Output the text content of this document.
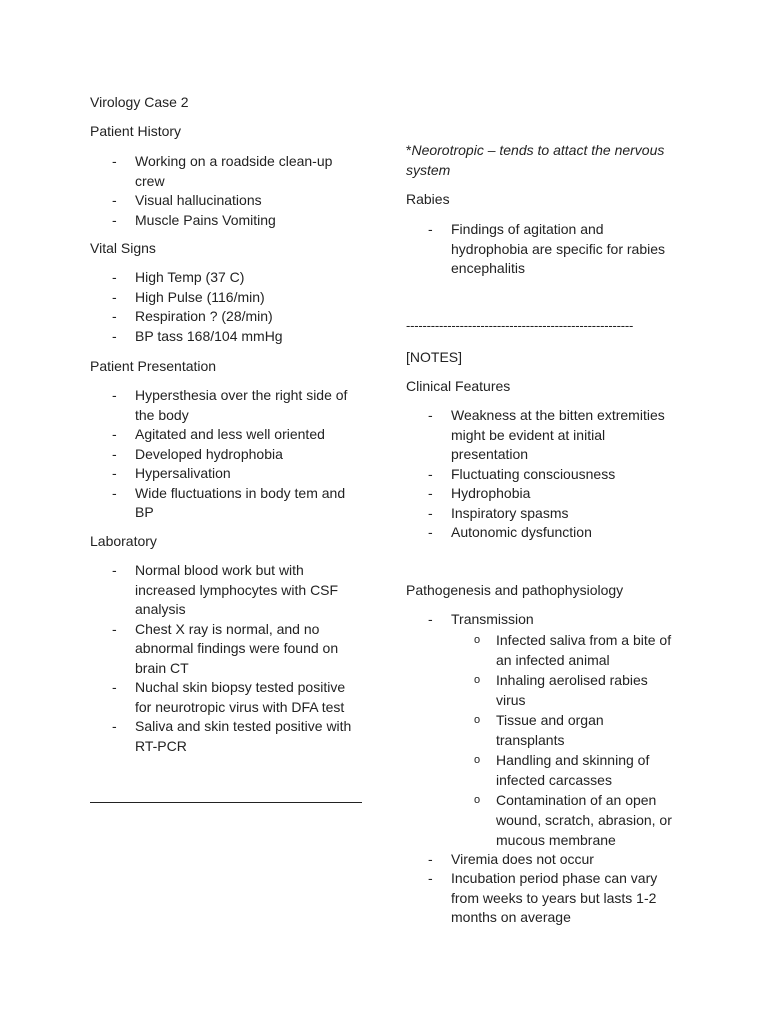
Virology Case 2
Patient History
- Working on a roadside clean-up crew
- Visual hallucinations
- Muscle Pains Vomiting
Vital Signs
- High Temp (37 C)
- High Pulse (116/min)
- Respiration ? (28/min)
- BP tass 168/104 mmHg
Patient Presentation
- Hypersthesia over the right side of the body
- Agitated and less well oriented
- Developed hydrophobia
- Hypersalivation
- Wide fluctuations in body tem and BP
Laboratory
- Normal blood work but with increased lymphocytes with CSF analysis
- Chest X ray is normal, and no abnormal findings were found on brain CT
- Nuchal skin biopsy tested positive for neurotropic virus with DFA test
- Saliva and skin tested positive with RT-PCR
*Neorotropic – tends to attact the nervous system
Rabies
- Findings of agitation and hydrophobia are specific for rabies encephalitis
-------------------------------------------------------
[NOTES]
Clinical Features
- Weakness at the bitten extremities might be evident at initial presentation
- Fluctuating consciousness
- Hydrophobia
- Inspiratory spasms
- Autonomic dysfunction
Pathogenesis and pathophysiology
- Transmission
o Infected saliva from a bite of an infected animal
o Inhaling aerolised rabies virus
o Tissue and organ transplants
o Handling and skinning of infected carcasses
o Contamination of an open wound, scratch, abrasion, or mucous membrane
- Viremia does not occur
- Incubation period phase can vary from weeks to years but lasts 1-2 months on average
